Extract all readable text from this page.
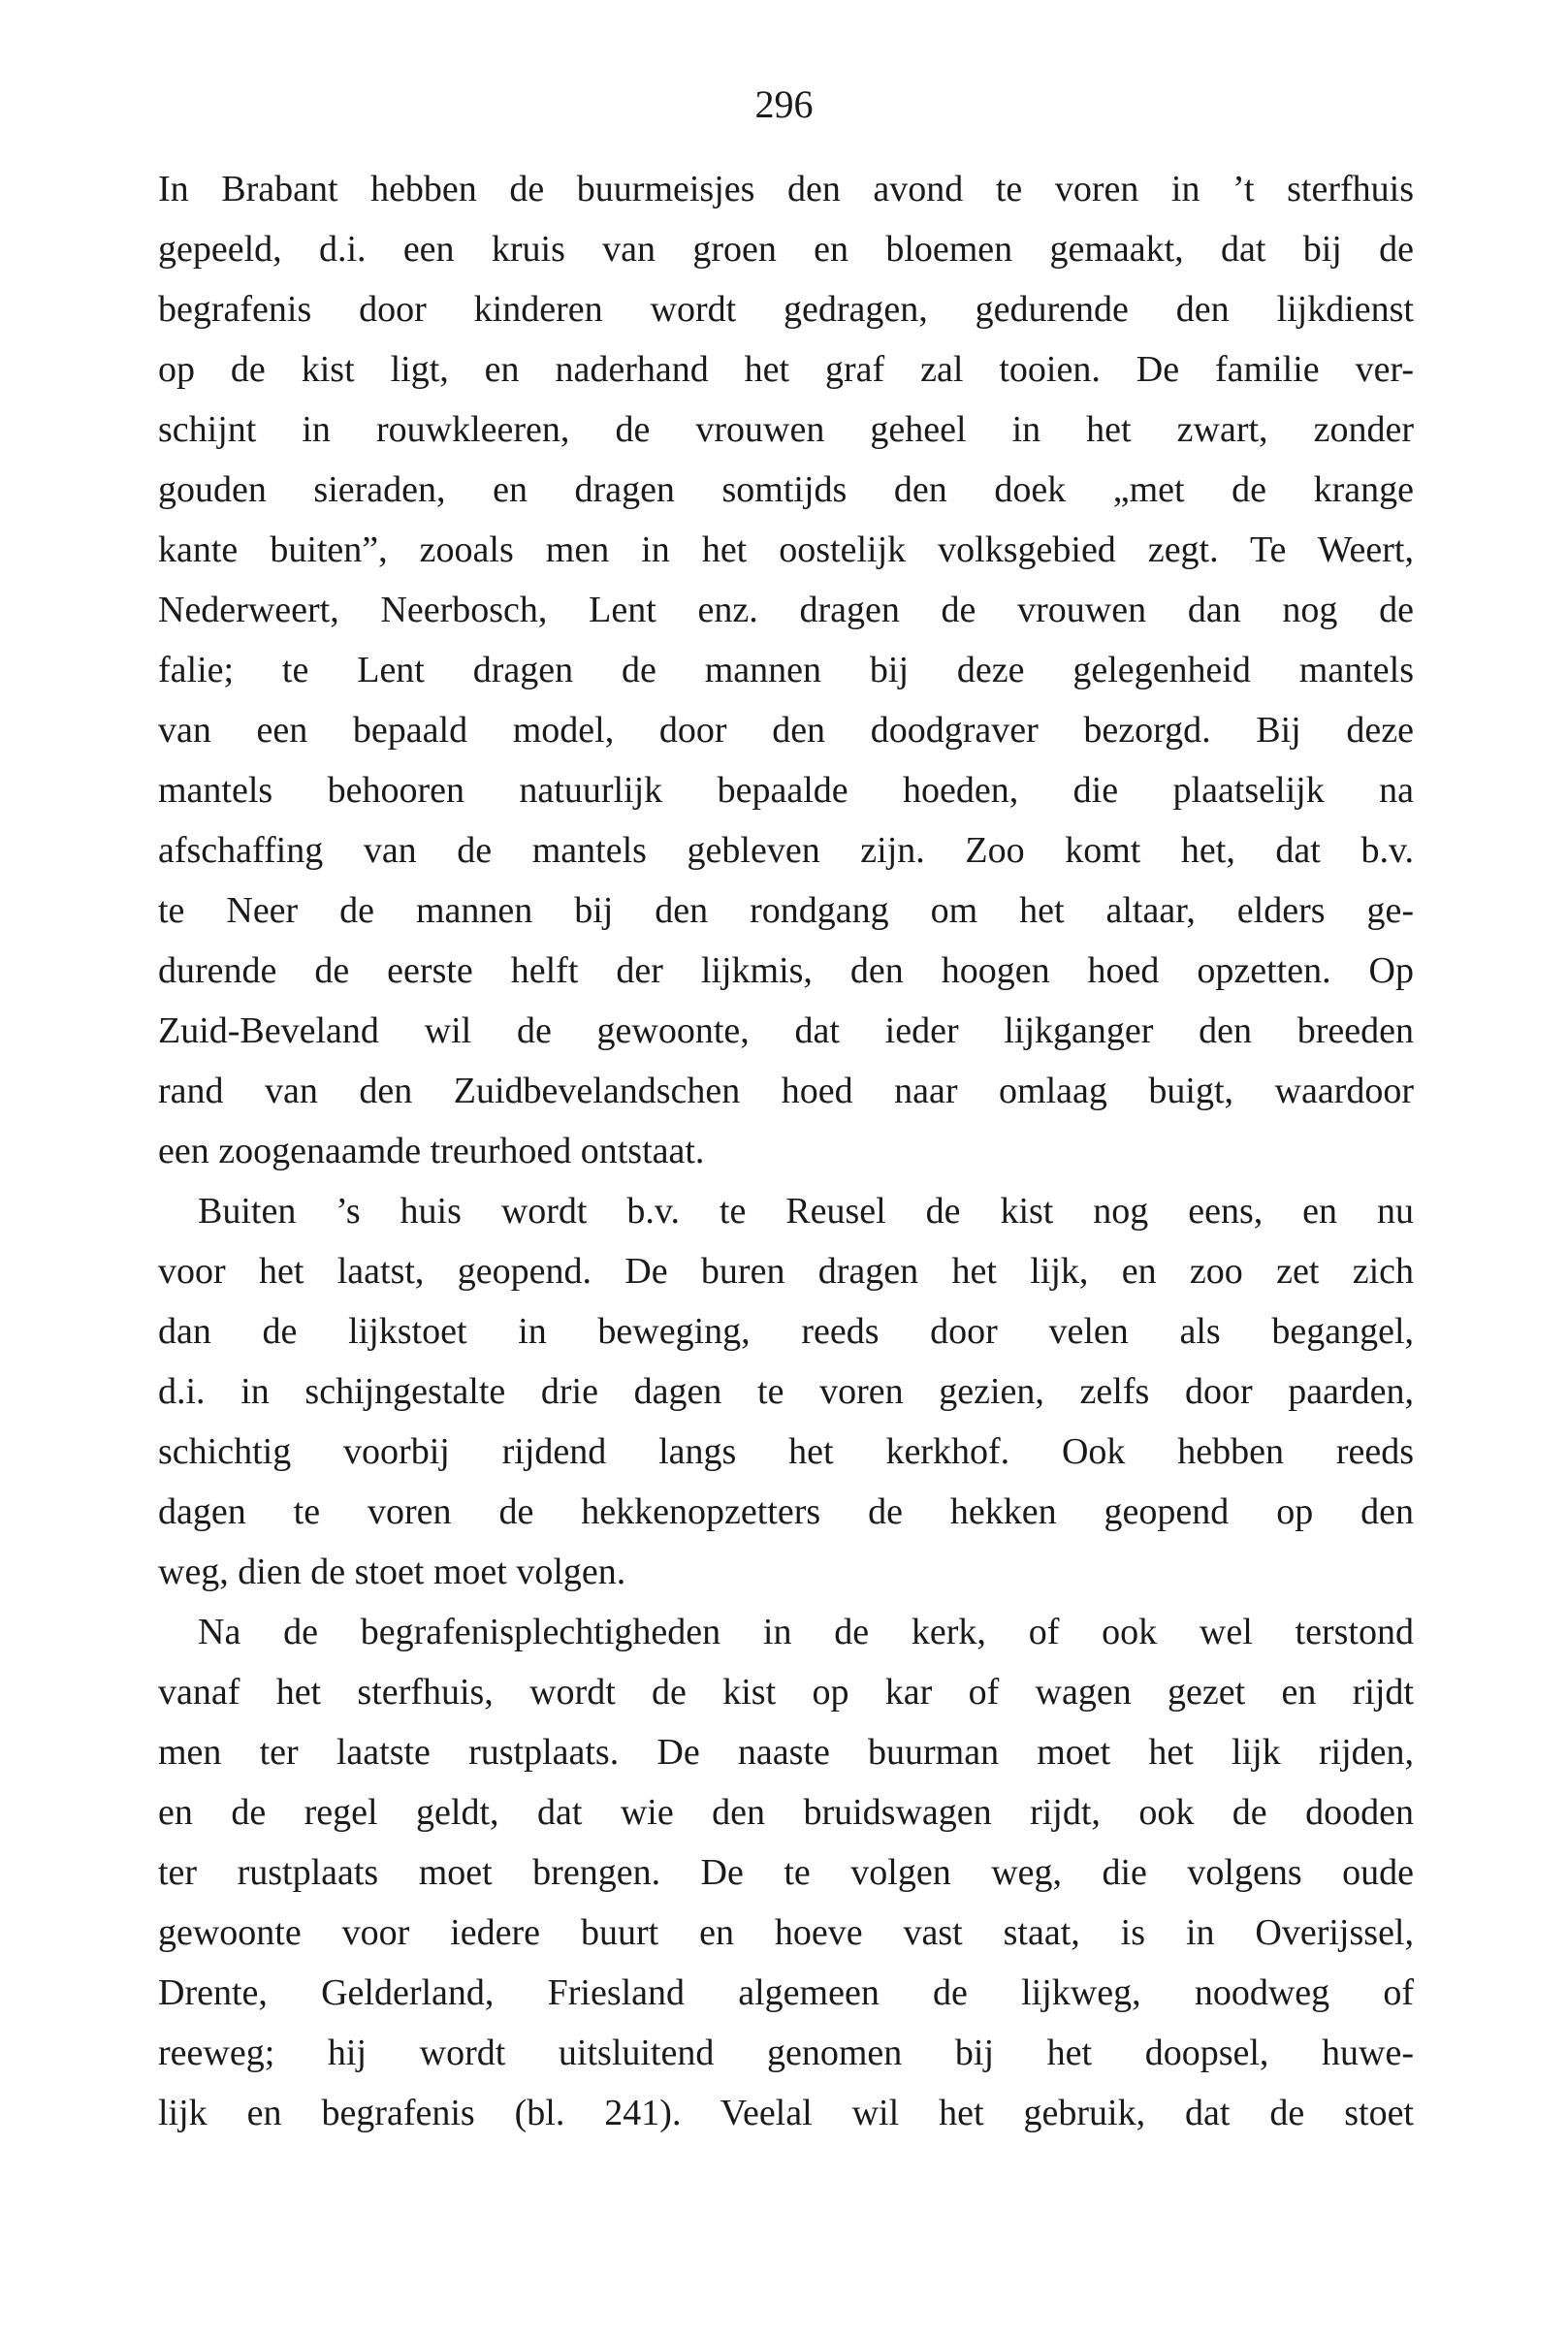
296
In Brabant hebben de buurmeisjes den avond te voren in ’t sterfhuis
gepeeld, d.i. een kruis van groen en bloemen gemaakt, dat bij de
begrafenis door kinderen wordt gedragen, gedurende den lijkdienst
op de kist ligt, en naderhand het graf zal tooien. De familie ver-
schijnt in rouwkleeren, de vrouwen geheel in het zwart, zonder
gouden sieraden, en dragen somtijds den doek „met de krange
kante buiten”, zooals men in het oostelijk volksgebied zegt. Te Weert,
Nederweert, Neerbosch, Lent enz. dragen de vrouwen dan nog de
falie; te Lent dragen de mannen bij deze gelegenheid mantels
van een bepaald model, door den doodgraver bezorgd. Bij deze
mantels behooren natuurlijk bepaalde hoeden, die plaatselijk na
afschaffing van de mantels gebleven zijn. Zoo komt het, dat b.v.
te Neer de mannen bij den rondgang om het altaar, elders ge-
durende de eerste helft der lijkmis, den hoogen hoed opzetten. Op
Zuid-Beveland wil de gewoonte, dat ieder lijkganger den breeden
rand van den Zuidbevelandschen hoed naar omlaag buigt, waardoor
een zoogenaamde treurhoed ontstaat.
Buiten ’s huis wordt b.v. te Reusel de kist nog eens, en nu
voor het laatst, geopend. De buren dragen het lijk, en zoo zet zich
dan de lijkstoet in beweging, reeds door velen als begangel,
d.i. in schijngestalte drie dagen te voren gezien, zelfs door paarden,
schichtig voorbij rijdend langs het kerkhof. Ook hebben reeds
dagen te voren de hekkenopzetters de hekken geopend op den
weg, dien de stoet moet volgen.
Na de begrafenisplechtigheden in de kerk, of ook wel terstond
vanaf het sterfhuis, wordt de kist op kar of wagen gezet en rijdt
men ter laatste rustplaats. De naaste buurman moet het lijk rijden,
en de regel geldt, dat wie den bruidswagen rijdt, ook de dooden
ter rustplaats moet brengen. De te volgen weg, die volgens oude
gewoonte voor iedere buurt en hoeve vast staat, is in Overijssel,
Drente, Gelderland, Friesland algemeen de lijkweg, noodweg of
reeweg; hij wordt uitsluitend genomen bij het doopsel, huwe-
lijk en begrafenis (bl. 241). Veelal wil het gebruik, dat de stoet
